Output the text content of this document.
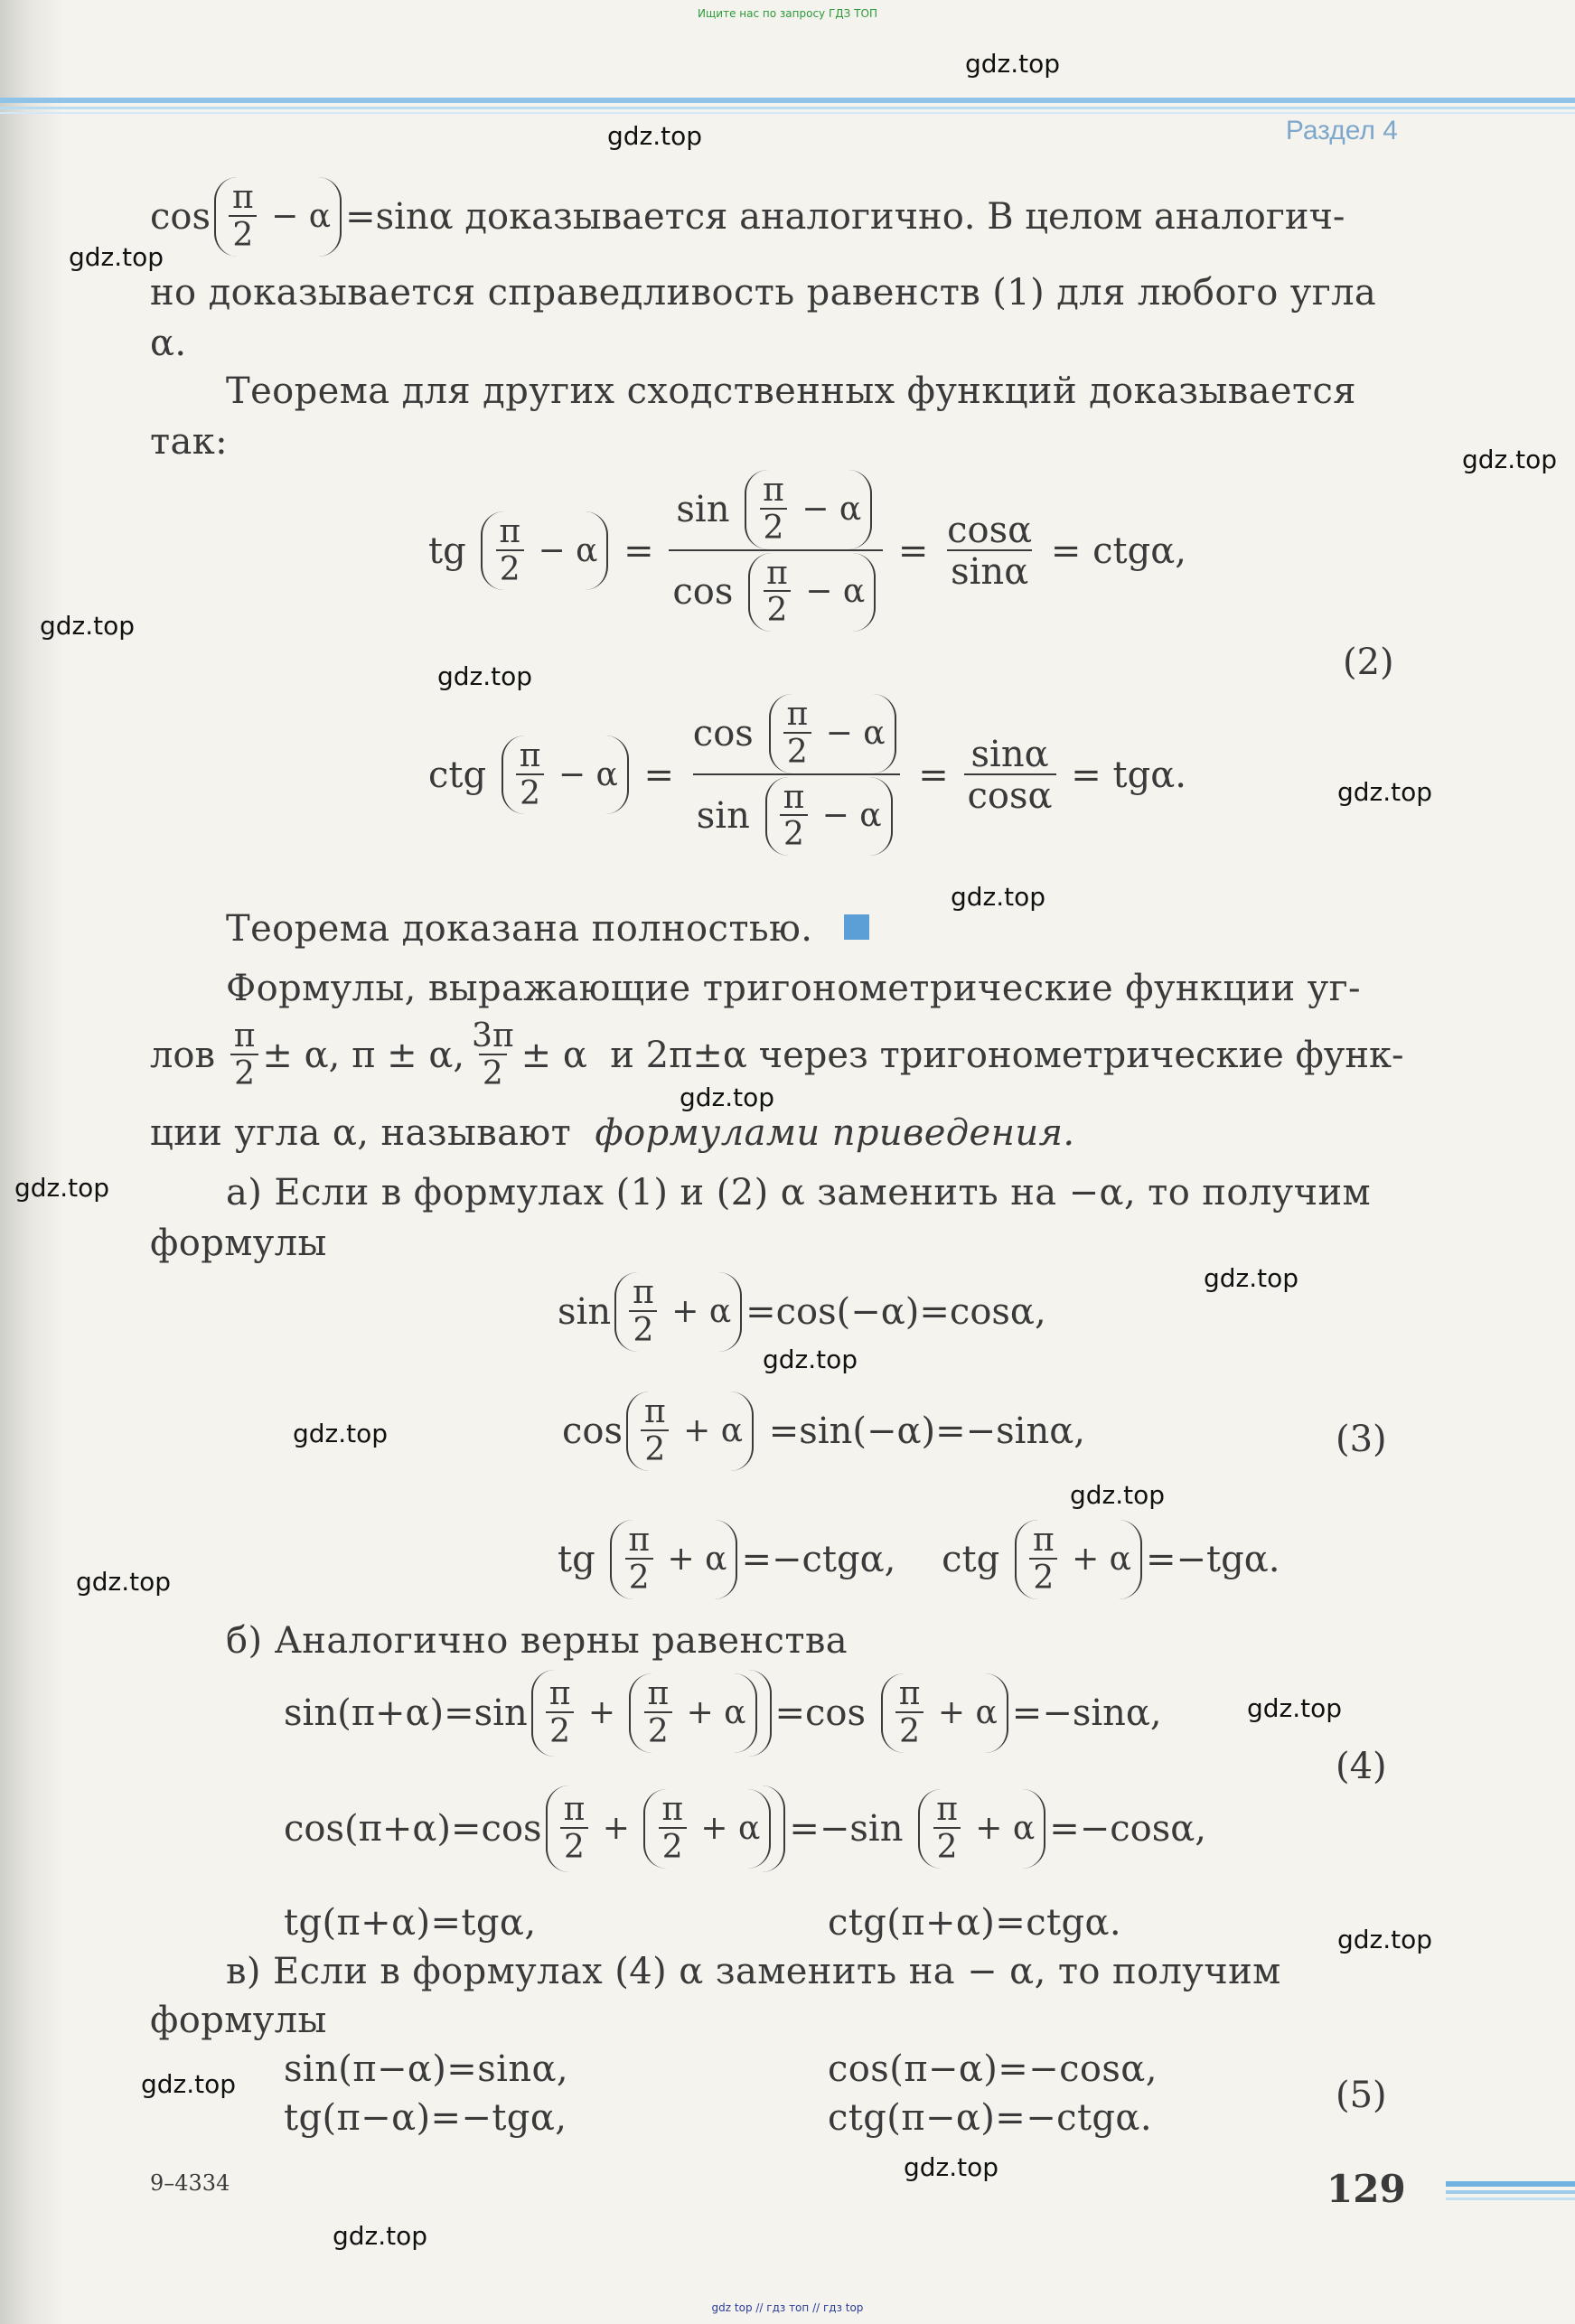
Ищите нас по запросу ГДЗ ТОП
Раздел 4
$\cos \frac{\pi}{2} - \alpha =\sin\alpha$ доказывается аналогично. В целом аналогич-
но доказывается справедливость равенств (1) для любого угла
α.
Теорема для других сходственных функций доказывается
так:
tg $\frac{\pi}{2} - \alpha = \frac{\sin \frac{\pi}{2} - \alpha}{\cos \frac{\pi}{2} - \alpha} = \frac{\cos\alpha}{\sin\alpha} = ctg\alpha$,
(2)
ctg $\frac{\pi}{2} - \alpha = \frac{\cos \frac{\pi}{2} - \alpha}{\sin \frac{\pi}{2} - \alpha} = \frac{\sin\alpha}{\cos\alpha} = tg\alpha$.
Теорема доказана полностью.
Формулы, выражающие тригонометрические функции уг-
лов
$\frac{\pi}{2} \pm \alpha$, π ± α, $\frac{3\pi}{2} \pm \alpha$ и 2π±α через тригонометрические функ-
ции угла α, называют формулами приведения.
а) Если в формулах (1) и (2) α заменить на −α, то получим
формулы
$\sin \frac{\pi}{2} + \alpha =\cos(-\alpha)=\cos\alpha$,
$\cos \frac{\pi}{2} + \alpha =\sin(-\alpha)=-\sin\alpha$,	(3)
tg $\frac{\pi}{2} + \alpha =-ctg\alpha$,    ctg $\frac{\pi}{2} + \alpha =-tg\alpha$.
б) Аналогично верны равенства
$\sin(\pi+\alpha)=\sin \frac{\pi}{2} + \frac{\pi}{2} + \alpha =\cos \frac{\pi}{2} + \alpha =-\sin\alpha$,
(4)
$\cos(\pi+\alpha)=\cos \frac{\pi}{2} + \frac{\pi}{2} + \alpha =-\sin \frac{\pi}{2} + \alpha =-\cos\alpha$,
tg(π+α)=tgα,	ctg(π+α)=ctgα.
в) Если в формулах (4) α заменить на − α, то получим
формулы
sin(π−α)=sinα,	cos(π−α)=−cosα,
tg(π−α)=−tgα,	ctg(π−α)=−ctgα.
(5)
9–4334	129
gdz.top
gdz.top
gdz.top
gdz.top
gdz.top
gdz.top
gdz.top
gdz.top
gdz.top
gdz.top
gdz.top
gdz.top
gdz.top
gdz.top
gdz.top
gdz.top
gdz.top
gdz.top
gdz.top
gdz.top
gdz top // гдз топ // гдз top
